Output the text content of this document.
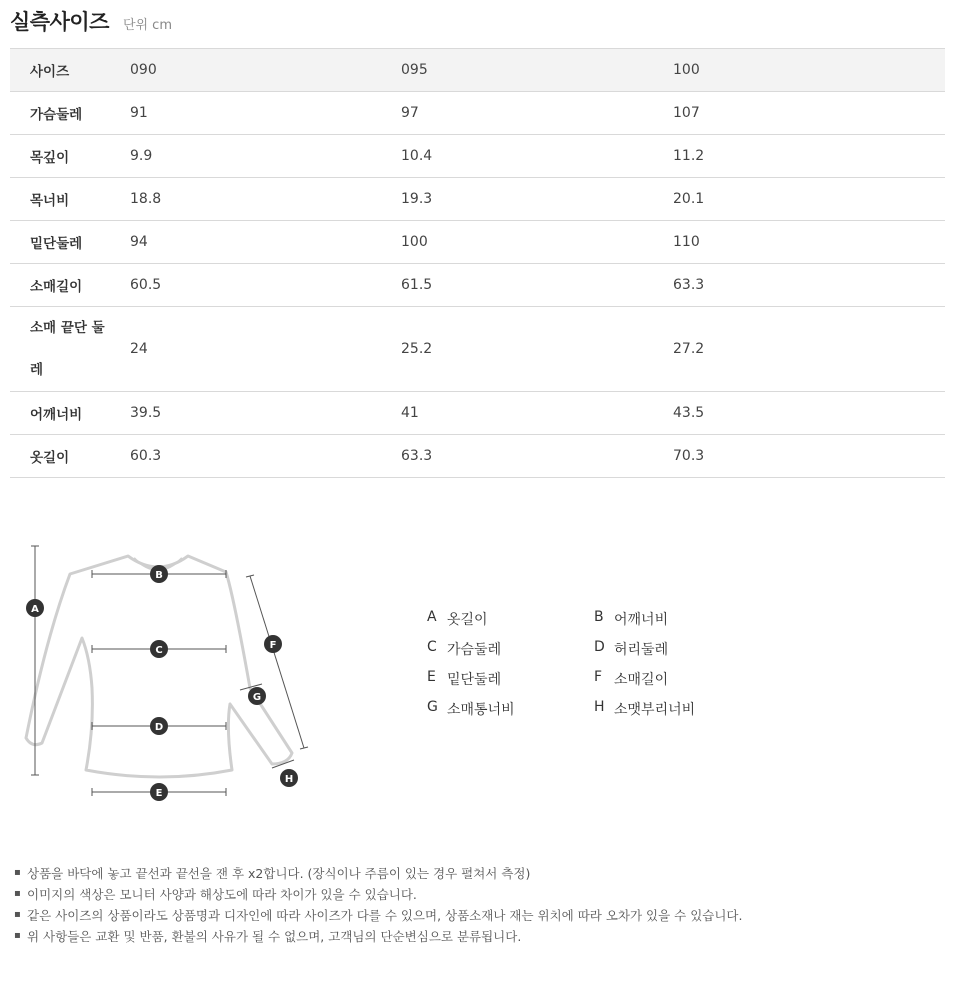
실측사이즈 단위 cm
사이즈	090	095	100
가슴둘레	91	97	107
목깊이	9.9	10.4	11.2
목너비	18.8	19.3	20.1
밑단둘레	94	100	110
소매길이	60.5	61.5	63.3
소매 끝단 둘
레	24	25.2	27.2
어깨너비	39.5	41	43.5
옷길이	60.3	63.3	70.3
A
B
C
D
E
F
G
H
A 옷길이	B 어깨너비
C 가슴둘레	D 허리둘레
E 밑단둘레	F 소매길이
G 소매통너비	H 소맷부리너비
▪ 상품을 바닥에 놓고 끝선과 끝선을 잰 후 x2합니다. (장식이나 주름이 있는 경우 펼쳐서 측정)
▪ 이미지의 색상은 모니터 사양과 해상도에 따라 차이가 있을 수 있습니다.
▪ 같은 사이즈의 상품이라도 상품명과 디자인에 따라 사이즈가 다를 수 있으며, 상품소재나 재는 위치에 따라 오차가 있을 수 있습니다.
▪ 위 사항들은 교환 및 반품, 환불의 사유가 될 수 없으며, 고객님의 단순변심으로 분류됩니다.
